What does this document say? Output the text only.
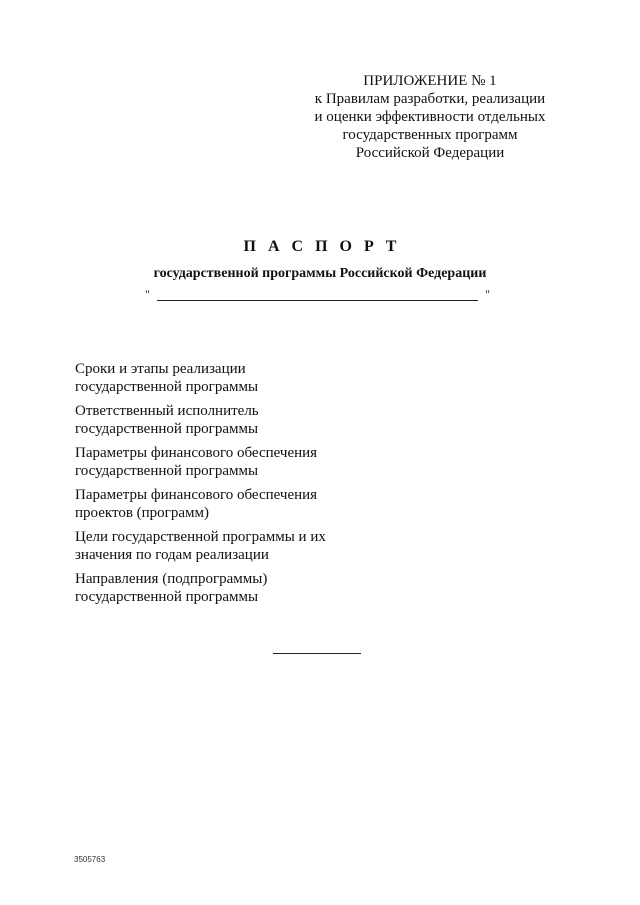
ПРИЛОЖЕНИЕ № 1
к Правилам разработки, реализации
и оценки эффективности отдельных
государственных программ
Российской Федерации
П А С П О Р Т
государственной программы Российской Федерации
"	"
Сроки и этапы реализации
государственной программы
Ответственный исполнитель
государственной программы
Параметры финансового обеспечения
государственной программы
Параметры финансового обеспечения
проектов (программ)
Цели государственной программы и их
значения по годам реализации
Направления (подпрограммы)
государственной программы
3505763
